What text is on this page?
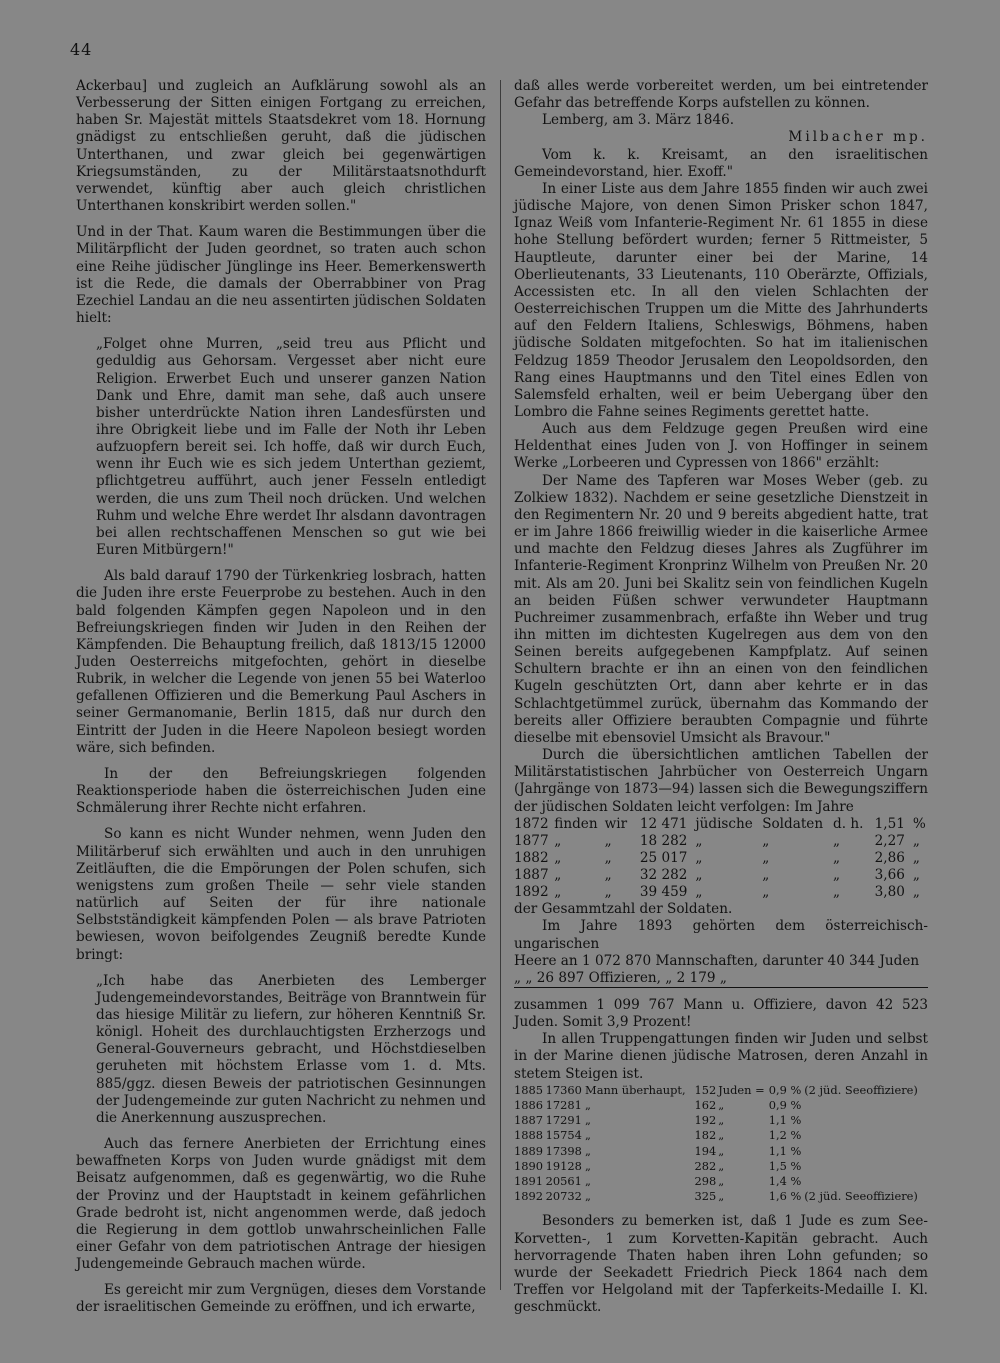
44

Ackerbau] und zugleich an Aufklärung sowohl als an Verbesserung der Sitten einigen Fortgang zu erreichen, haben Sr. Majestät mittels Staatsdekret vom 18. Hornung gnädigst zu entschließen geruht, daß die jüdischen Unterthanen, und zwar gleich bei gegenwärtigen Kriegsumständen, zu der Militärstaatsnothdurft verwendet, künftig aber auch gleich christlichen Unterthanen konskribirt werden sollen."

Und in der That. Kaum waren die Bestimmungen über die Militärpflicht der Juden geordnet, so traten auch schon eine Reihe jüdischer Jünglinge ins Heer. Bemerkenswerth ist die Rede, die damals der Oberrabbiner von Prag Ezechiel Landau an die neu assentirten jüdischen Soldaten hielt:

„Folget ohne Murren, „seid treu aus Pflicht und geduldig aus Gehorsam. Vergesset aber nicht eure Religion. Erwerbet Euch und unserer ganzen Nation Dank und Ehre, damit man sehe, daß auch unsere bisher unterdrückte Nation ihren Landesfürsten und ihre Obrigkeit liebe und im Falle der Noth ihr Leben aufzuopfern bereit sei. Ich hoffe, daß wir durch Euch, wenn ihr Euch wie es sich jedem Unterthan geziemt, pflichtgetreu aufführt, auch jener Fesseln entledigt werden, die uns zum Theil noch drücken. Und welchen Ruhm und welche Ehre werdet Ihr alsdann davontragen bei allen rechtschaffenen Menschen so gut wie bei Euren Mitbürgern!"

Als bald darauf 1790 der Türkenkrieg losbrach, hatten die Juden ihre erste Feuerprobe zu bestehen. Auch in den bald folgenden Kämpfen gegen Napoleon und in den Befreiungskriegen finden wir Juden in den Reihen der Kämpfenden. Die Behauptung freilich, daß 1813/15 12000 Juden Oesterreichs mitgefochten, gehört in dieselbe Rubrik, in welcher die Legende von jenen 55 bei Waterloo gefallenen Offizieren und die Bemerkung Paul Aschers in seiner Germanomanie, Berlin 1815, daß nur durch den Eintritt der Juden in die Heere Napoleon besiegt worden wäre, sich befinden.

In der den Befreiungskriegen folgenden Reaktionsperiode haben die österreichischen Juden eine Schmälerung ihrer Rechte nicht erfahren.

So kann es nicht Wunder nehmen, wenn Juden den Militärberuf sich erwählten und auch in den unruhigen Zeitläuften, die die Empörungen der Polen schufen, sich wenigstens zum großen Theile — sehr viele standen natürlich auf Seiten der für ihre nationale Selbstständigkeit kämpfenden Polen — als brave Patrioten bewiesen, wovon beifolgendes Zeugniß beredte Kunde bringt:

„Ich habe das Anerbieten des Lemberger Judengemeindevorstandes, Beiträge von Branntwein für das hiesige Militär zu liefern, zur höheren Kenntniß Sr. königl. Hoheit des durchlauchtigsten Erzherzogs und General-Gouverneurs gebracht, und Höchstdieselben geruheten mit höchstem Erlasse vom 1. d. Mts. 885/ggz. diesen Beweis der patriotischen Gesinnungen der Judengemeinde zur guten Nachricht zu nehmen und die Anerkennung auszusprechen.

Auch das fernere Anerbieten der Errichtung eines bewaffneten Korps von Juden wurde gnädigst mit dem Beisatz aufgenommen, daß es gegenwärtig, wo die Ruhe der Provinz und der Hauptstadt in keinem gefährlichen Grade bedroht ist, nicht angenommen werde, daß jedoch die Regierung in dem gottlob unwahrscheinlichen Falle einer Gefahr von dem patriotischen Antrage der hiesigen Judengemeinde Gebrauch machen würde.

Es gereicht mir zum Vergnügen, dieses dem Vorstande der israelitischen Gemeinde zu eröffnen, und ich erwarte,

daß alles werde vorbereitet werden, um bei eintretender Gefahr das betreffende Korps aufstellen zu können.

Lemberg, am 3. März 1846.

Milbacher mp.

Vom k. k. Kreisamt, an den israelitischen Gemeindevorstand, hier. Exoff."

In einer Liste aus dem Jahre 1855 finden wir auch zwei jüdische Majore, von denen Simon Prisker schon 1847, Ignaz Weiß vom Infanterie-Regiment Nr. 61 1855 in diese hohe Stellung befördert wurden; ferner 5 Rittmeister, 5 Hauptleute, darunter einer bei der Marine, 14 Oberlieutenants, 33 Lieutenants, 110 Oberärzte, Offizials, Accessisten etc. In all den vielen Schlachten der Oesterreichischen Truppen um die Mitte des Jahrhunderts auf den Feldern Italiens, Schleswigs, Böhmens, haben jüdische Soldaten mitgefochten. So hat im italienischen Feldzug 1859 Theodor Jerusalem den Leopoldsorden, den Rang eines Hauptmanns und den Titel eines Edlen von Salemsfeld erhalten, weil er beim Uebergang über den Lombro die Fahne seines Regiments gerettet hatte.

Auch aus dem Feldzuge gegen Preußen wird eine Heldenthat eines Juden von J. von Hoffinger in seinem Werke „Lorbeeren und Cypressen von 1866" erzählt:

Der Name des Tapferen war Moses Weber (geb. zu Zolkiew 1832). Nachdem er seine gesetzliche Dienstzeit in den Regimentern Nr. 20 und 9 bereits abgedient hatte, trat er im Jahre 1866 freiwillig wieder in die kaiserliche Armee und machte den Feldzug dieses Jahres als Zugführer im Infanterie-Regiment Kronprinz Wilhelm von Preußen Nr. 20 mit. Als am 20. Juni bei Skalitz sein von feindlichen Kugeln an beiden Füßen schwer verwundeter Hauptmann Puchreimer zusammenbrach, erfaßte ihn Weber und trug ihn mitten im dichtesten Kugelregen aus dem von den Seinen bereits aufgegebenen Kampfplatz. Auf seinen Schultern brachte er ihn an einen von den feindlichen Kugeln geschützten Ort, dann aber kehrte er in das Schlachtgetümmel zurück, übernahm das Kommando der bereits aller Offiziere beraubten Compagnie und führte dieselbe mit ebensoviel Umsicht als Bravour."

Durch die übersichtlichen amtlichen Tabellen der Militärstatistischen Jahrbücher von Oesterreich Ungarn (Jahrgänge von 1873—94) lassen sich die Bewegungsziffern der jüdischen Soldaten leicht verfolgen: Im Jahre

1872	finden	wir	12 471	jüdische	Soldaten	d. h.	1,51	%
1877	„	„	18 282	„	„	„	2,27	„
1882	„	„	25 017	„	„	„	2,86	„
1887	„	„	32 282	„	„	„	3,66	„
1892	„	„	39 459	„	„	„	3,80	„

der Gesammtzahl der Soldaten.

Im Jahre 1893 gehörten dem österreichisch-ungarischen

Heere an 1 072 870 Mannschaften, darunter 40 344 Juden

„ „ 26 897 Offizieren, „ 2 179 „

zusammen 1 099 767 Mann u. Offiziere, davon 42 523 Juden. Somit 3,9 Prozent!

In allen Truppengattungen finden wir Juden und selbst in der Marine dienen jüdische Matrosen, deren Anzahl in stetem Steigen ist.

1885	17360	Mann überhaupt,	152	Juden =	0,9 %	(2 jüd. Seeoffiziere)
1886	17281	„	162	„	0,9 %	
1887	17291	„	192	„	1,1 %	
1888	15754	„	182	„	1,2 %	
1889	17398	„	194	„	1,1 %	
1890	19128	„	282	„	1,5 %	
1891	20561	„	298	„	1,4 %	
1892	20732	„	325	„	1,6 %	(2 jüd. Seeoffiziere)

Besonders zu bemerken ist, daß 1 Jude es zum See-Korvetten-, 1 zum Korvetten-Kapitän gebracht. Auch hervorragende Thaten haben ihren Lohn gefunden; so wurde der Seekadett Friedrich Pieck 1864 nach dem Treffen vor Helgoland mit der Tapferkeits-Medaille I. Kl. geschmückt.
